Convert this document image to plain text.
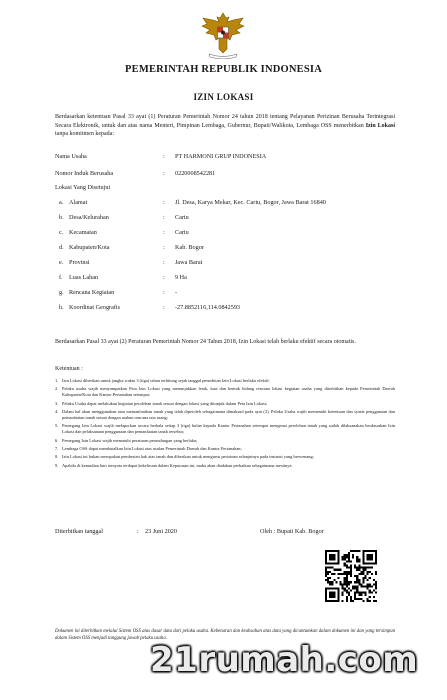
PEMERINTAH REPUBLIK INDONESIA
IZIN LOKASI
Berdasarkan ketentuan Pasal 33 ayat (1) Peraturan Pemerintah Nomor 24 tahun 2018 tentang Pelayanan Perizinan Berusaha Terintegrasi Secara Elektronik, untuk dan atas nama Menteri, Pimpinan Lembaga, Gubernur, Bupati/Walikota, Lembaga OSS menerbitkan Izin Lokasi tanpa komitmen kepada:
Nama Usaha	: PT HARMONI GRUP INDONESIA
Nomor Induk Berusaha	: 0220008542281
Lokasi Yang Disetujui
a. Alamat	: Jl. Desa, Karya Mekar, Kec. Cariu, Bogor, Jawa Barat 16840
b. Desa/Kelurahan	: Cariu
c. Kecamatan	: Cariu
d. Kabupaten/Kota	: Kab. Bogor
e. Provinsi	: Jawa Barat
f. Luas Lahan	: 9 Ha
g. Rencana Kegiatan	: -
h. Koordinat Geografis	: -27.8852116,114.0842593
Berdasarkan Pasal 33 ayat (2) Peraturan Pemerintah Nomor 24 Tahun 2018, Izin Lokasi telah berlaku efektif secara otomatis.
Ketentuan :
1. Izin Lokasi diberikan untuk jangka waktu 3 (tiga) tahun terhitung sejak tanggal penerbitan Izin Lokasi berlaku efektif;
2. Pelaku usaha wajib menyampaikan Peta Izin Lokasi yang menunjukkan letak, luas dan bentuk bidang rencana lokasi kegiatan usaha yang diterbitkan kepada Pemerintah Daerah Kabupaten/Kota dan Kantor Pertanahan setempat;
3. Pelaku Usaha dapat melakukan kegiatan perolehan tanah sesuai dengan lokasi yang ditunjuk dalam Peta Izin Lokasi;
4. Dalam hal akan menggunakan atau memanfaatkan tanah yang telah diperoleh sebagaimana dimaksud pada ayat (2), Pelaku Usaha wajib memenuhi ketentuan dan syarat penggunaan dan pemanfaatan tanah sesuai dengan arahan rencana tata ruang;
5. Pemegang Izin Lokasi wajib melaporkan secara berkala setiap 3 (tiga) bulan kepada Kantor Pertanahan setempat mengenai perolehan tanah yang sudah dilaksanakan berdasarkan Izin Lokasi dan pelaksanaan penggunaan dan pemanfaatan tanah tersebut;
6. Pemegang Izin Lokasi wajib mematuhi peraturan perundangan yang berlaku;
7. Lembaga OSS dapat membatalkan Izin Lokasi atas usulan Pemerintah Daerah dan Kantor Pertanahan;
8. Izin Lokasi ini bukan merupakan pemberian hak atas tanah dan diberikan untuk mengurus perizinan selanjutnya pada instansi yang berwenang;
9. Apabila di kemudian hari ternyata terdapat kekeliruan dalam Keputusan ini, maka akan diadakan perbaikan sebagaimana mestinya.
Diterbitkan tanggal	: 23 Juni 2020	Oleh : Bupati Kab. Bogor
Dokumen ini diterbitkan melalui Sistem OSS atas dasar data dari pelaku usaha. Kebenaran dan keabsahan atas data yang dicantumkan dalam dokumen ini dan yang tersimpan dalam Sistem OSS menjadi tanggung jawab pelaku usaha.
21rumah.com
